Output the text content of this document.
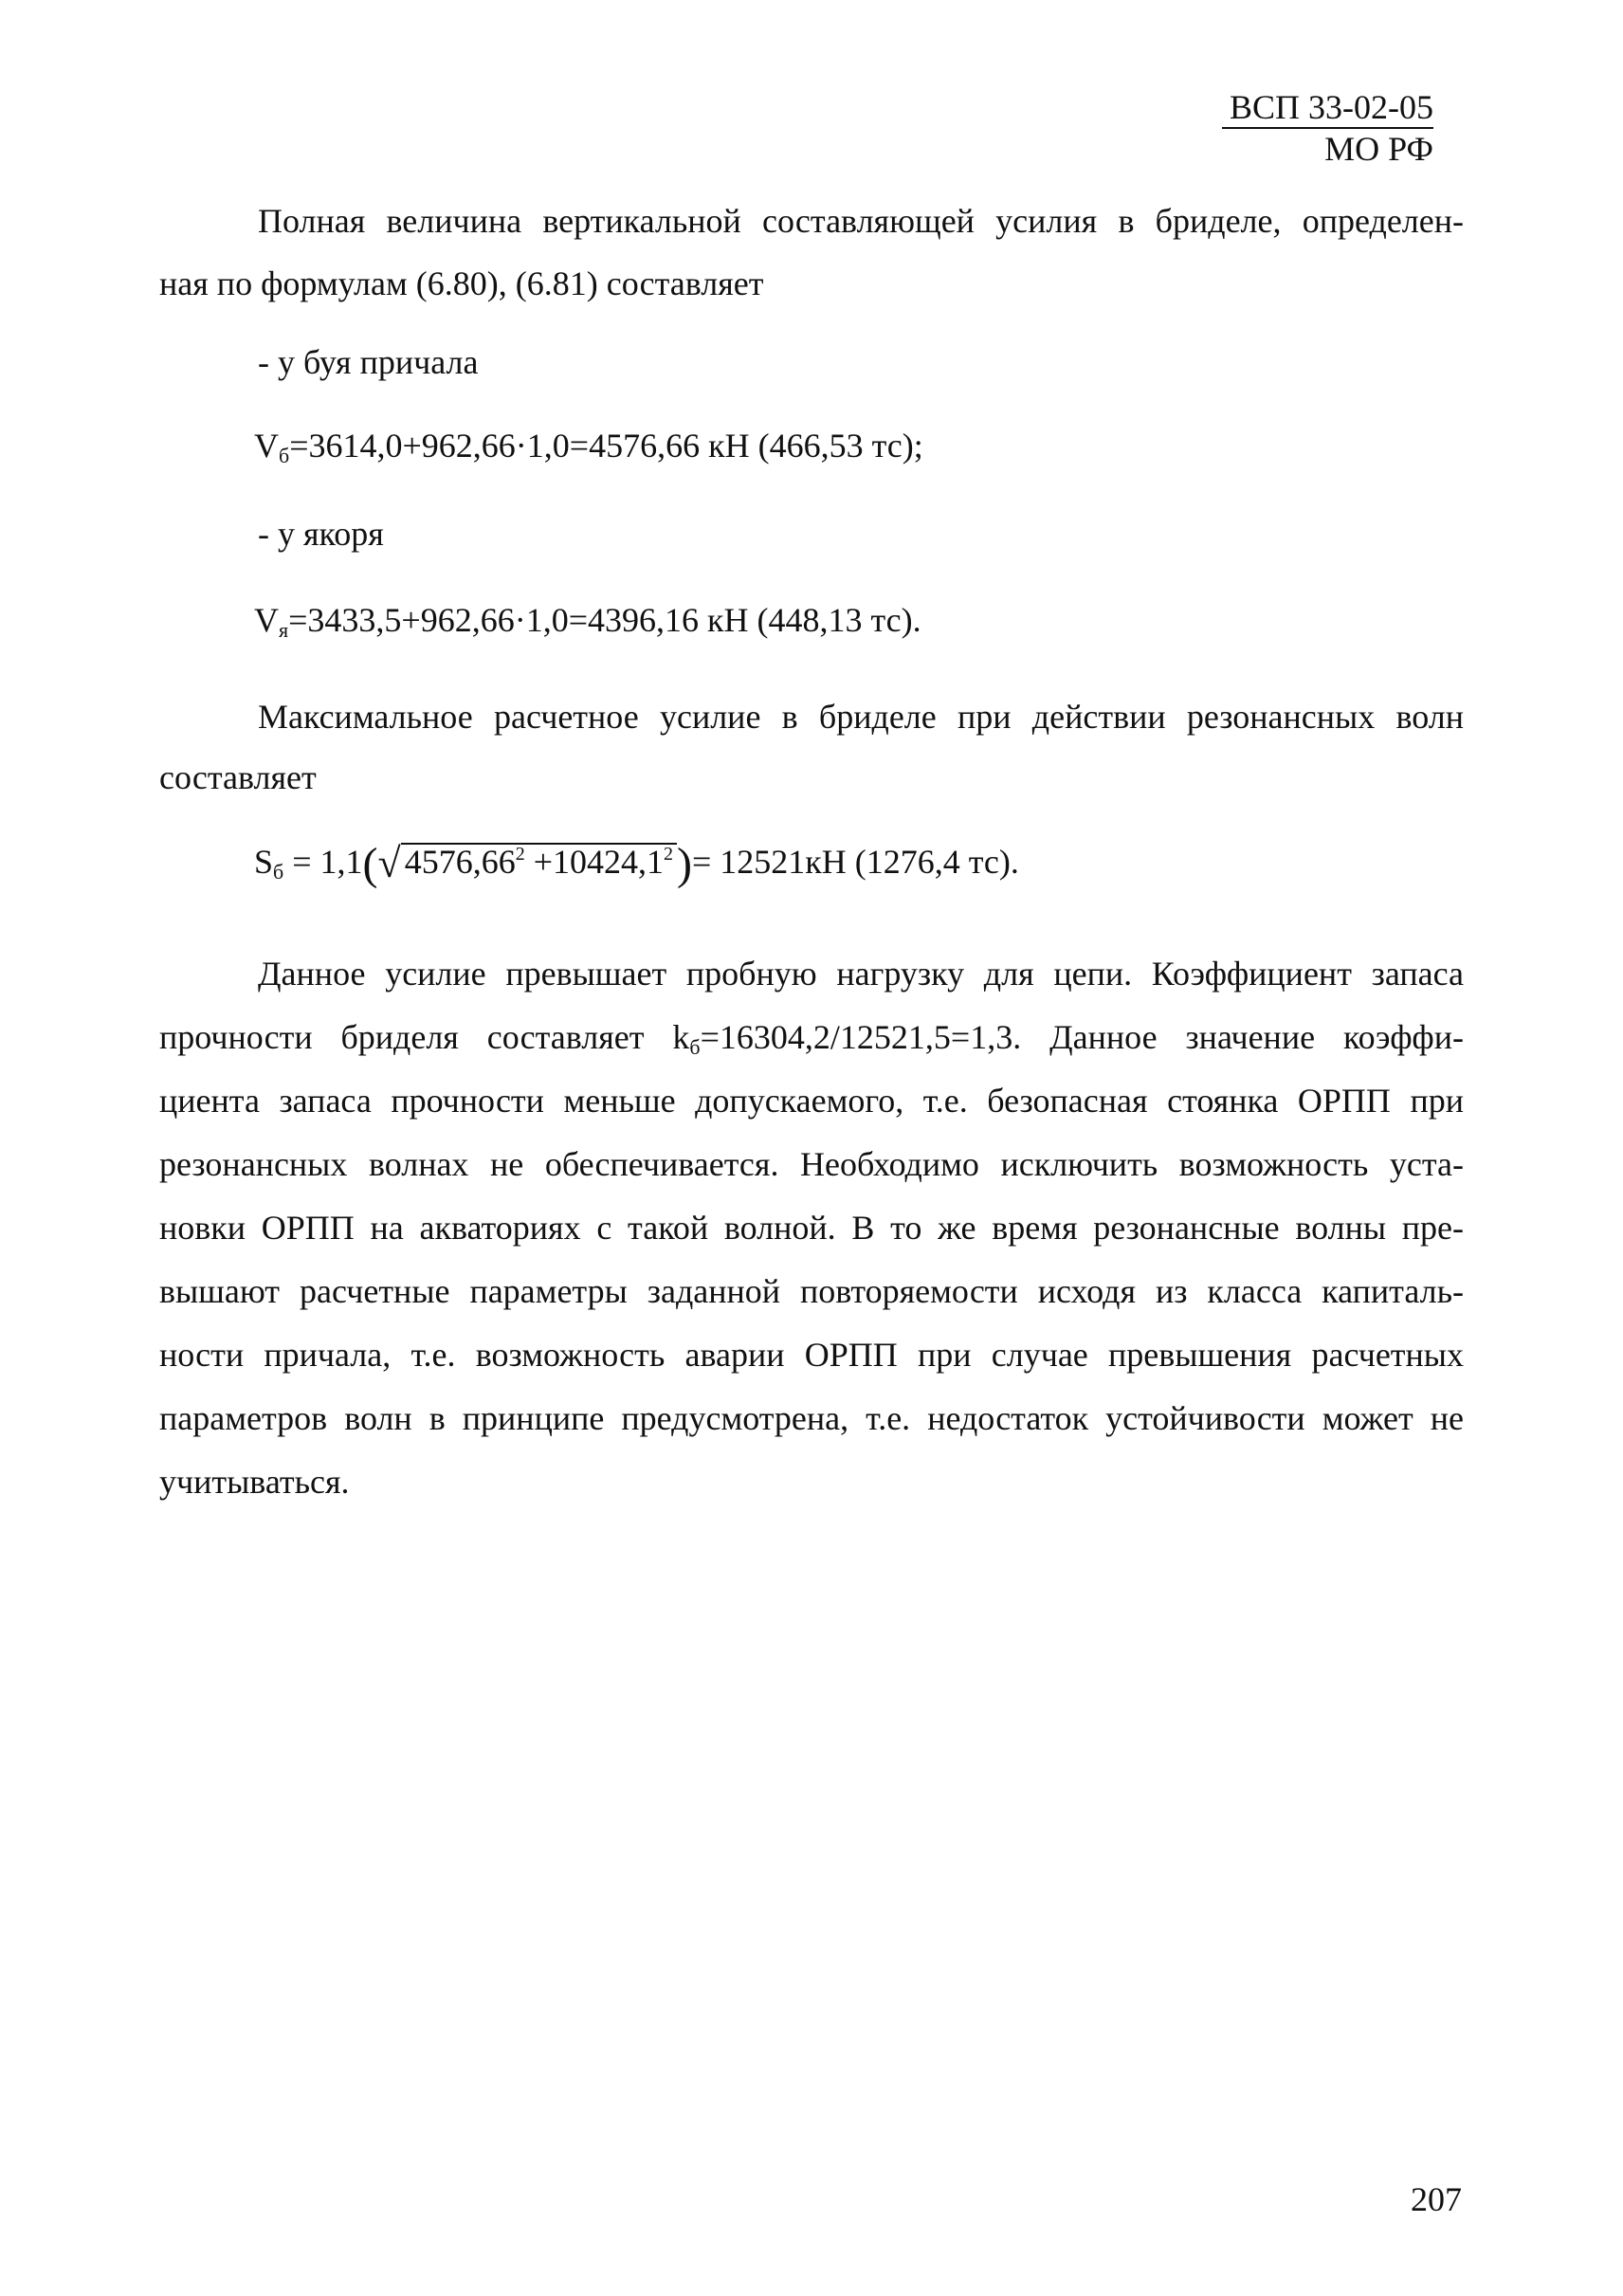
ВСП 33-02-05
МО РФ
Полная величина вертикальной составляющей усилия в бриделе, определен-
ная по формулам (6.80), (6.81) составляет
- у буя причала
$V_б=3614,0+962,66\cdot 1,0=4576,66$ кН (466,53 тс);
- у якоря
$V_я=3433,5+962,66\cdot 1,0=4396,16$ кН (448,13 тс).
Максимальное расчетное усилие в бриделе при действии резонансных волн
составляет
$S_б = 1,1(√$ $4576,66^2 +10424,1^2)= 12521кН$ (1276,4 тс).
Данное усилие превышает пробную нагрузку для цепи. Коэффициент запаса
прочности бриделя составляет $k_б=16304,2/12521,5=1,3$. Данное значение коэффи-
циента запаса прочности меньше допускаемого, т.е. безопасная стоянка ОРПП при
резонансных волнах не обеспечивается. Необходимо исключить возможность уста-
новки ОРПП на акваториях с такой волной. В то же время резонансные волны пре-
вышают расчетные параметры заданной повторяемости исходя из класса капиталь-
ности причала, т.е. возможность аварии ОРПП при случае превышения расчетных
параметров волн в принципе предусмотрена, т.е. недостаток устойчивости может не
учитываться.
207
